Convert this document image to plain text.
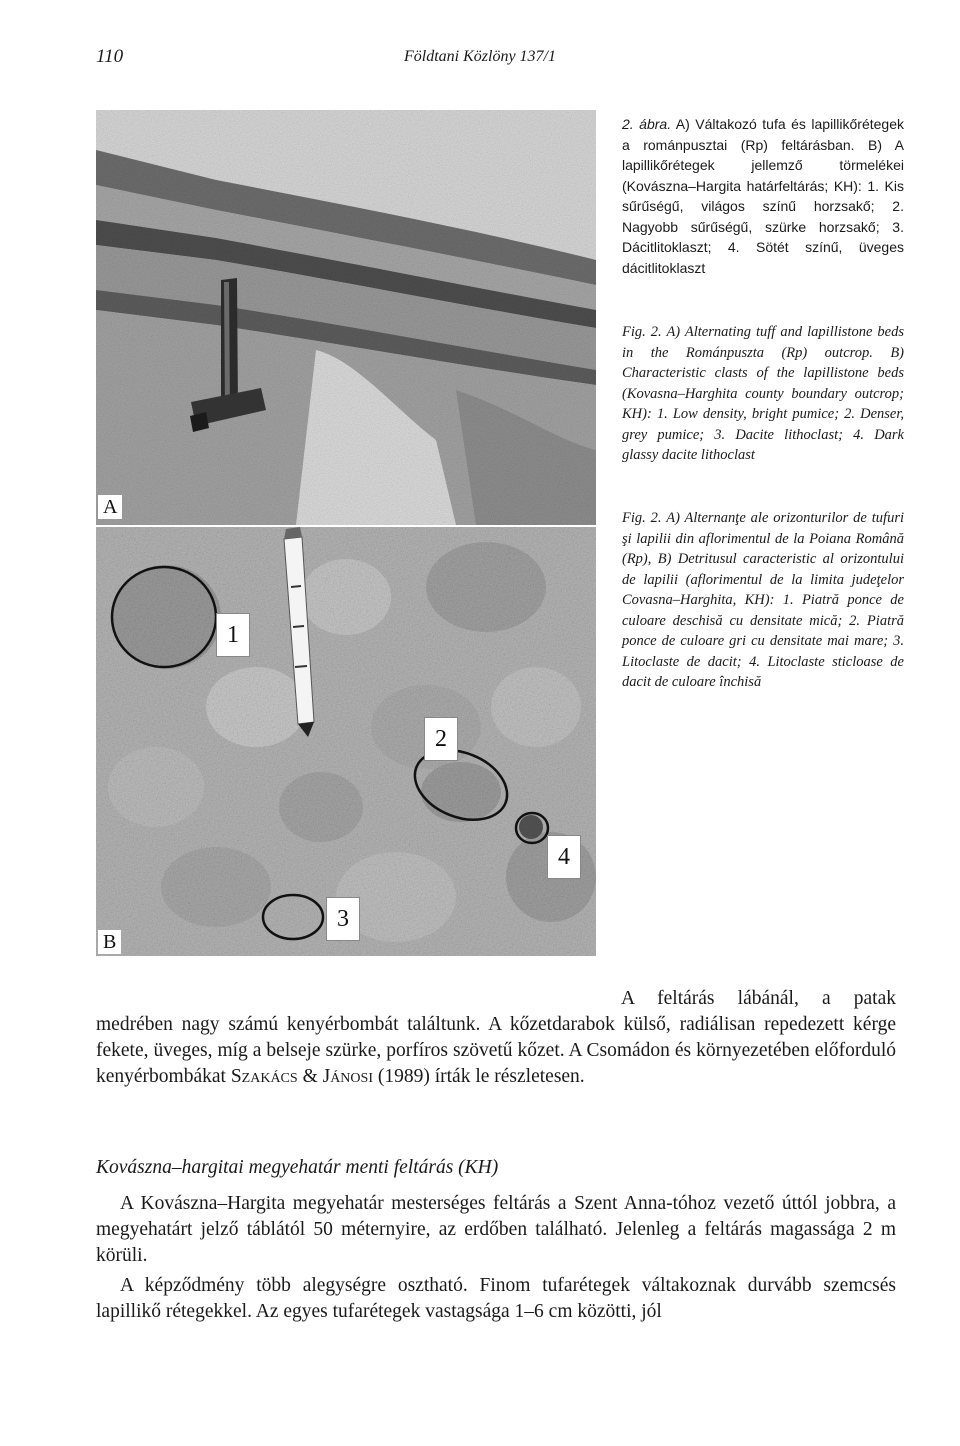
110	Földtani Közlöny 137/1
A
1
2
3
4
B
2. ábra. A) Váltakozó tufa és lapillikőrétegek a románpusztai (Rp) feltárásban. B) A lapillikőrétegek jellemző törmelékei (Kovászna–Hargita határfeltárás; KH): 1. Kis sűrűségű, világos színű horzsakő; 2. Nagyobb sűrűségű, szürke horzsakő; 3. Dácitlitoklaszt; 4. Sötét színű, üveges dácitlitoklaszt
Fig. 2. A) Alternating tuff and lapillistone beds in the Románpuszta (Rp) outcrop. B) Characteristic clasts of the lapillistone beds (Kovasna–Harghita county boundary outcrop; KH): 1. Low density, bright pumice; 2. Denser, grey pumice; 3. Dacite lithoclast; 4. Dark glassy dacite lithoclast
Fig. 2. A) Alternanţe ale orizonturilor de tufuri şi lapilii din aflorimentul de la Poiana Română (Rp), B) Detritusul caracteristic al orizontului de lapilii (aflorimentul de la limita judeţelor Covasna–Harghita, KH): 1. Piatră ponce de culoare deschisă cu densitate mică; 2. Piatră ponce de culoare gri cu densitate mai mare; 3. Litoclaste de dacit; 4. Litoclaste sticloase de dacit de culoare închisă

A feltárás lábánál, a patak medrében nagy számú kenyérbombát találtunk. A kőzetdarabok külső, radiálisan repedezett kérge fekete, üveges, míg a belseje szürke, porfíros szövetű kőzet. A Csomádon és környezetében előforduló kenyérbombákat Szakács & Jánosi (1989) írták le részletesen.

Kovászna–hargitai megyehatár menti feltárás (KH)

A Kovászna–Hargita megyehatár mesterséges feltárás a Szent Anna-tóhoz vezető úttól jobbra, a megyehatárt jelző táblától 50 méternyire, az erdőben található. Jelenleg a feltárás magassága 2 m körüli.

A képződmény több alegységre osztható. Finom tufarétegek váltakoznak durvább szemcsés lapillikő rétegekkel. Az egyes tufarétegek vastagsága 1–6 cm közötti, jól
